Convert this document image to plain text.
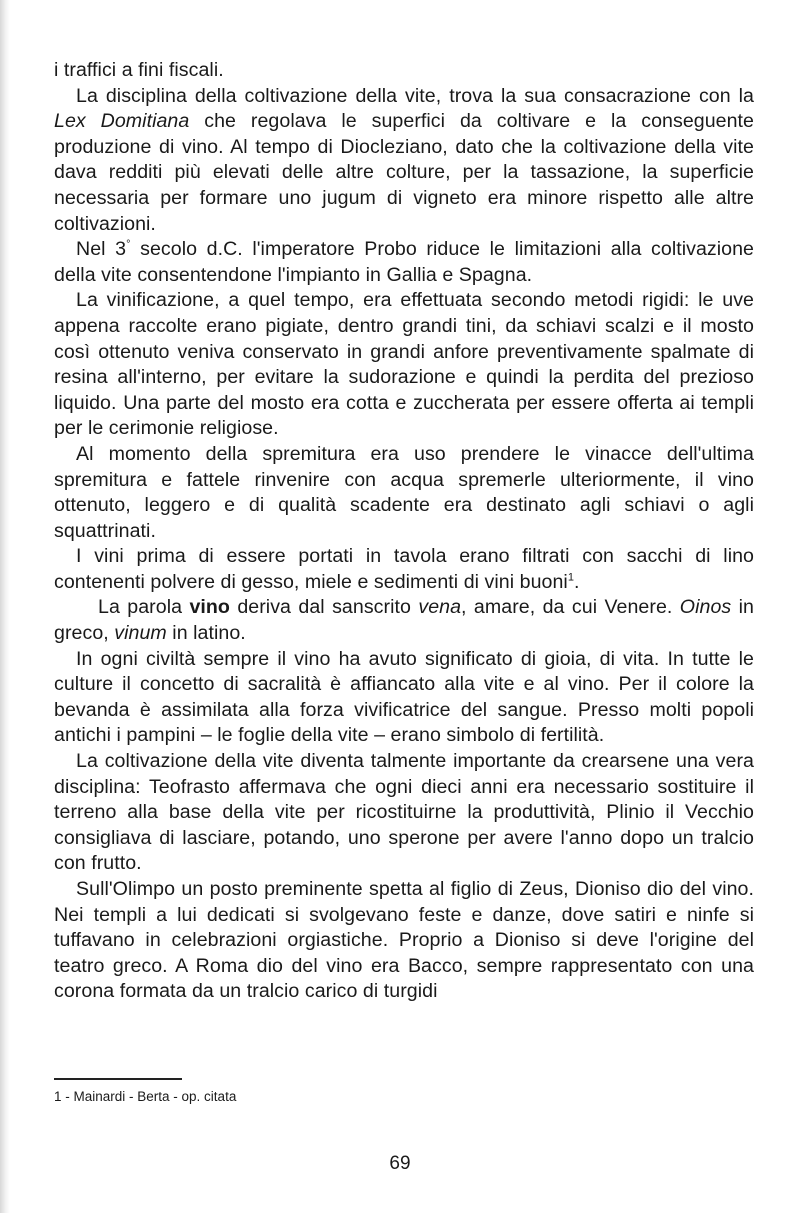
i traffici a fini fiscali.

La disciplina della coltivazione della vite, trova la sua consacrazione con la Lex Domitiana che regolava le superfici da coltivare e la conseguente produzione di vino. Al tempo di Diocleziano, dato che la coltivazione della vite dava redditi più elevati delle altre colture, per la tassazione, la superficie necessaria per formare uno jugum di vigneto era minore rispetto alle altre coltivazioni.

Nel 3° secolo d.C. l'imperatore Probo riduce le limitazioni alla coltivazione della vite consentendone l'impianto in Gallia e Spagna.

La vinificazione, a quel tempo, era effettuata secondo metodi rigidi: le uve appena raccolte erano pigiate, dentro grandi tini, da schiavi scalzi e il mosto così ottenuto veniva conservato in grandi anfore preventivamente spalmate di resina all'interno, per evitare la sudorazione e quindi la perdita del prezioso liquido. Una parte del mosto era cotta e zuccherata per essere offerta ai templi per le cerimonie religiose.

Al momento della spremitura era uso prendere le vinacce dell'ultima spremitura e fattele rinvenire con acqua spremerle ulteriormente, il vino ottenuto, leggero e di qualità scadente era destinato agli schiavi o agli squattrinati.

I vini prima di essere portati in tavola erano filtrati con sacchi di lino contenenti polvere di gesso, miele e sedimenti di vini buoni$^1$.

La parola vino deriva dal sanscrito vena, amare, da cui Venere. Oinos in greco, vinum in latino.

In ogni civiltà sempre il vino ha avuto significato di gioia, di vita. In tutte le culture il concetto di sacralità è affiancato alla vite e al vino. Per il colore la bevanda è assimilata alla forza vivificatrice del sangue. Presso molti popoli antichi i pampini – le foglie della vite – erano simbolo di fertilità.

La coltivazione della vite diventa talmente importante da crearsene una vera disciplina: Teofrasto affermava che ogni dieci anni era necessario sostituire il terreno alla base della vite per ricostituirne la produttività, Plinio il Vecchio consigliava di lasciare, potando, uno sperone per avere l'anno dopo un tralcio con frutto.

Sull'Olimpo un posto preminente spetta al figlio di Zeus, Dioniso dio del vino. Nei templi a lui dedicati si svolgevano feste e danze, dove satiri e ninfe si tuffavano in celebrazioni orgiastiche. Proprio a Dioniso si deve l'origine del teatro greco. A Roma dio del vino era Bacco, sempre rappresentato con una corona formata da un tralcio carico di turgidi

1 - Mainardi - Berta - op. citata
69
